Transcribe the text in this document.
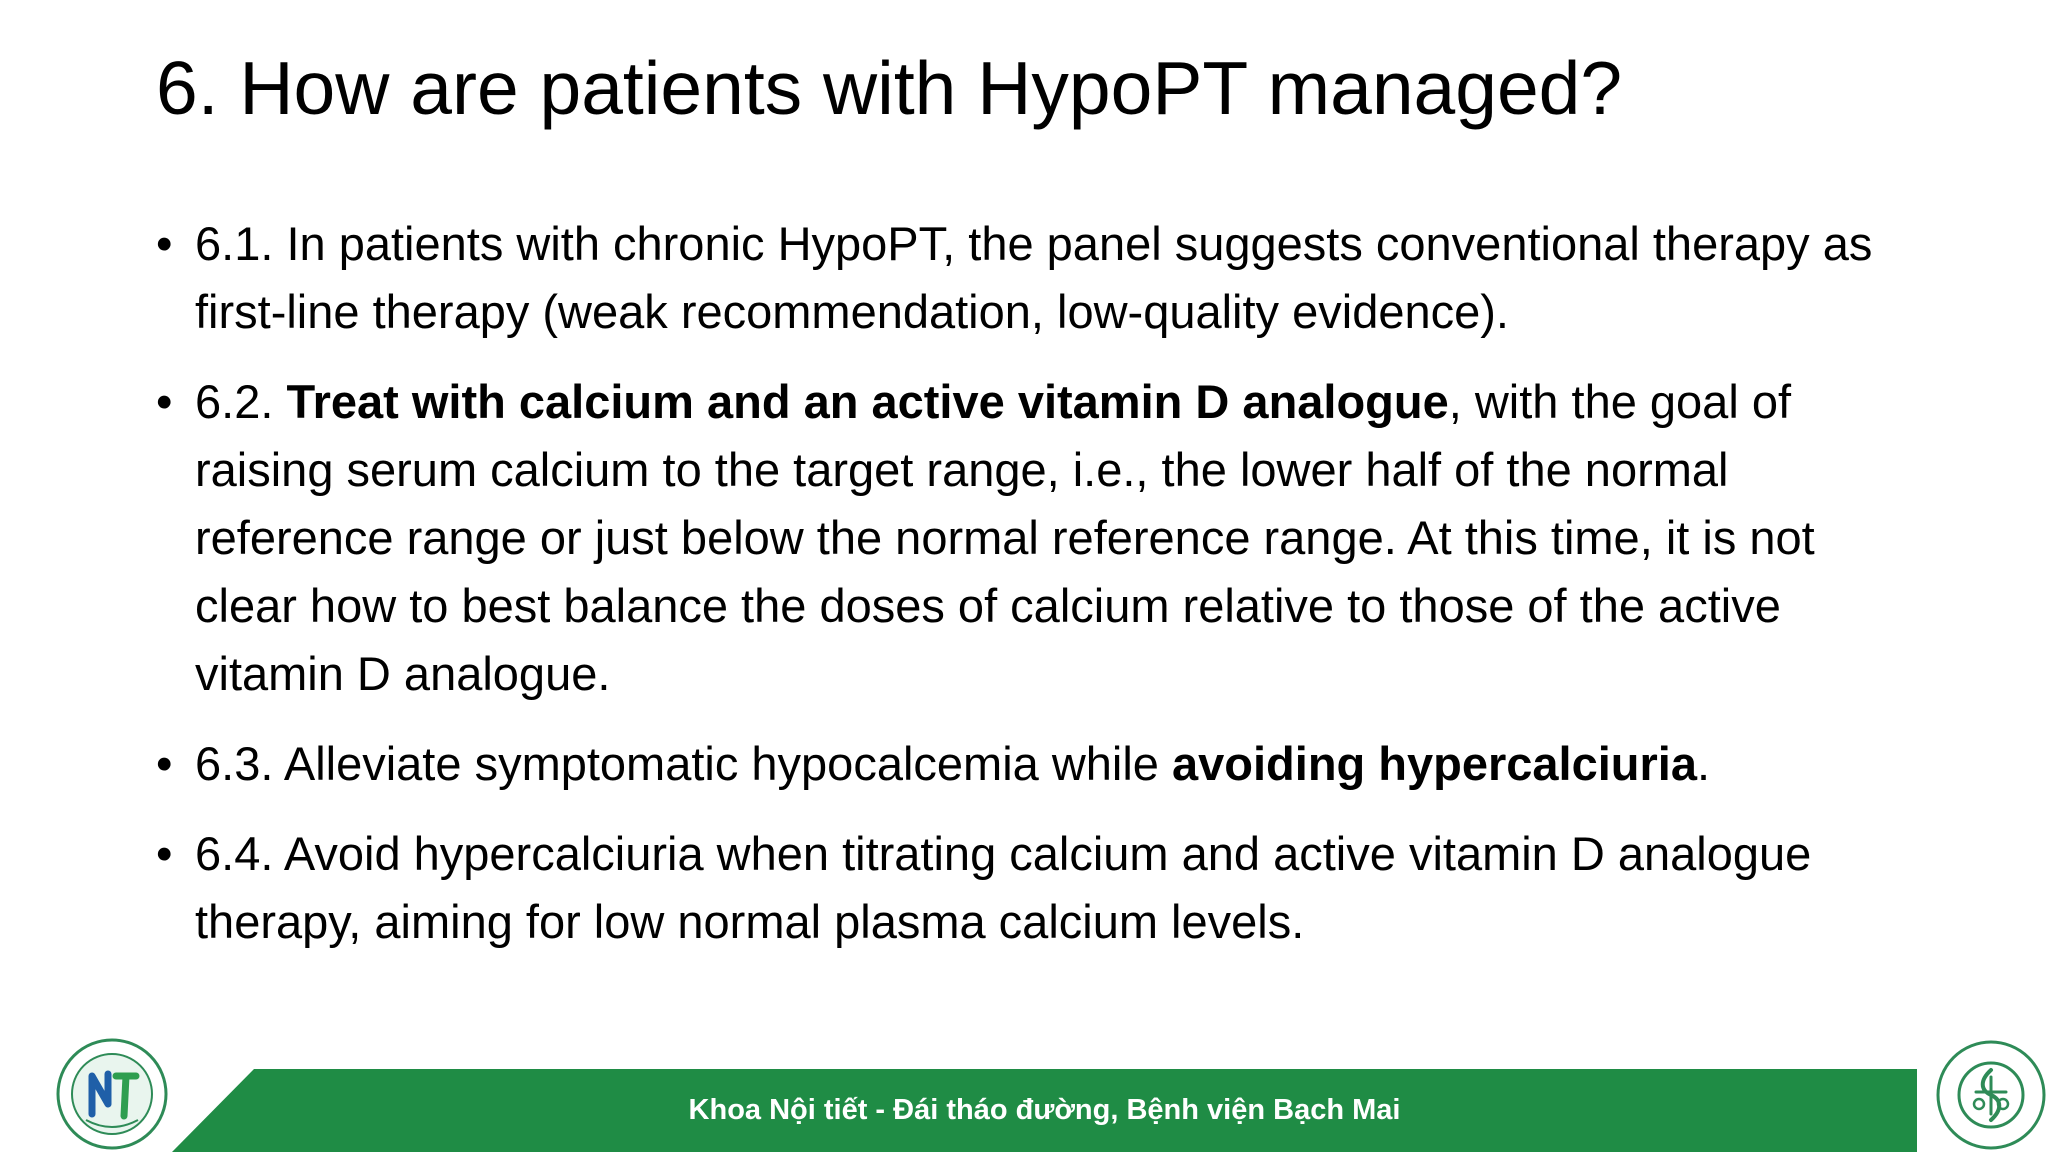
6. How are patients with HypoPT managed?
• 6.1. In patients with chronic HypoPT, the panel suggests conventional therapy as first-line therapy (weak recommendation, low-quality evidence).
• 6.2. Treat with calcium and an active vitamin D analogue, with the goal of raising serum calcium to the target range, i.e., the lower half of the normal reference range or just below the normal reference range. At this time, it is not clear how to best balance the doses of calcium relative to those of the active vitamin D analogue.
• 6.3. Alleviate symptomatic hypocalcemia while avoiding hypercalciuria.
• 6.4. Avoid hypercalciuria when titrating calcium and active vitamin D analogue therapy, aiming for low normal plasma calcium levels.
Khoa Nội tiết - Đái tháo đường, Bệnh viện Bạch Mai
